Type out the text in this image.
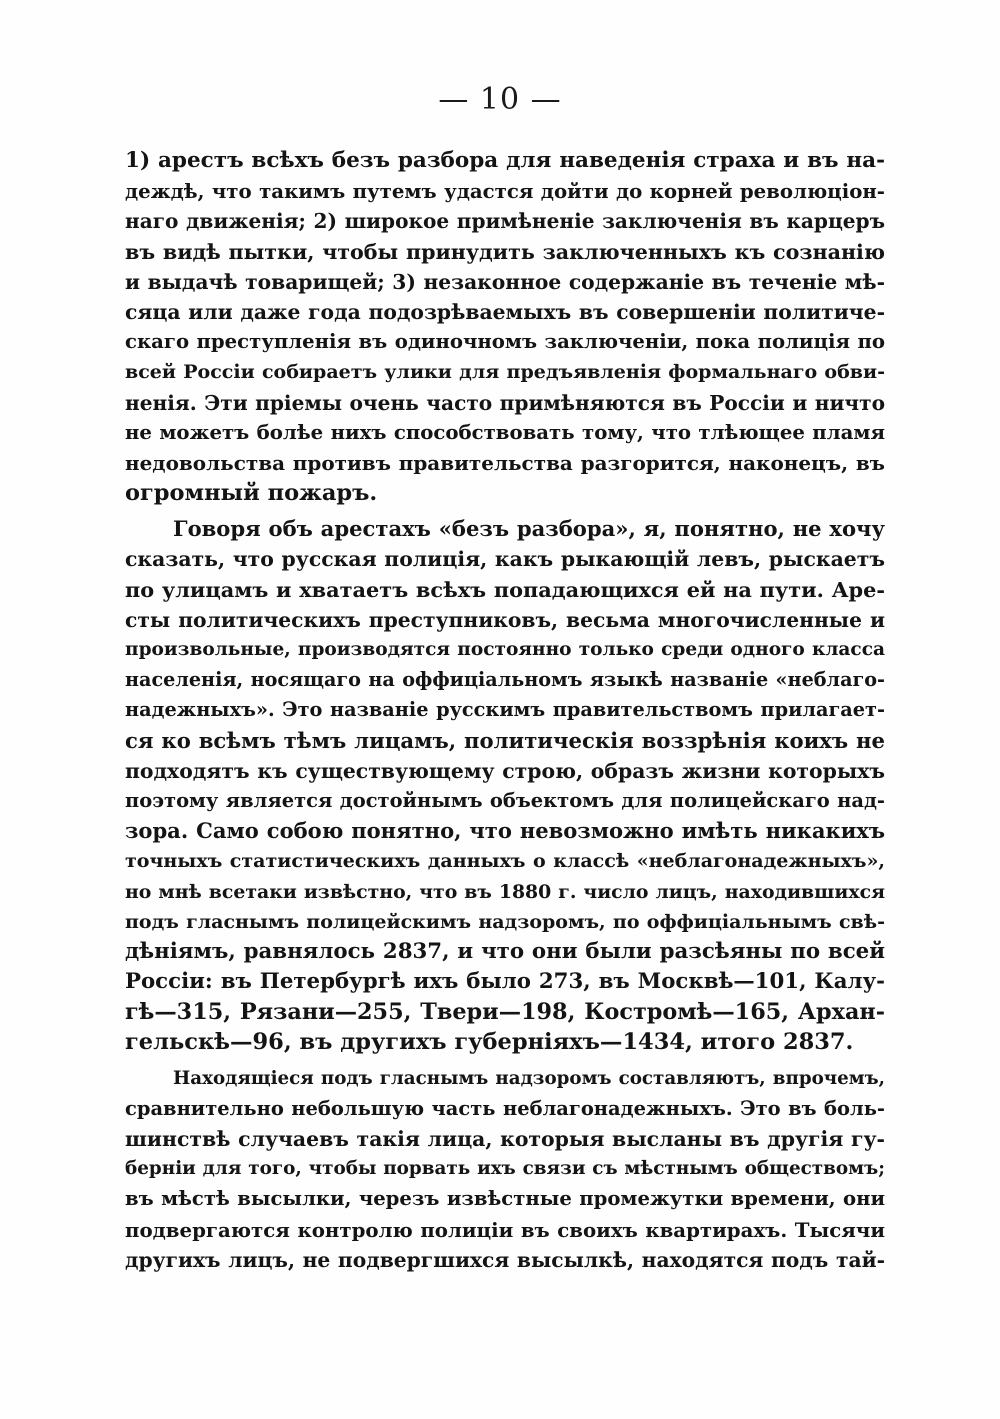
— 10 —
1) арестъ всѣхъ безъ разбора для наведенія страха и въ на-
деждѣ, что такимъ путемъ удастся дойти до корней революціон-
наго движенія; 2) широкое примѣненіе заключенія въ карцеръ
въ видѣ пытки, чтобы принудить заключенныхъ къ сознанію
и выдачѣ товарищей; 3) незаконное содержаніе въ теченіе мѣ-
сяца или даже года подозрѣваемыхъ въ совершеніи политиче-
скаго преступленія въ одиночномъ заключеніи, пока полиція по
всей Россіи собираетъ улики для предъявленія формальнаго обви-
ненія. Эти пріемы очень часто примѣняются въ Россіи и ничто
не можетъ болѣе нихъ способствовать тому, что тлѣющее пламя
недовольства противъ правительства разгорится, наконецъ, въ
огромный пожаръ.
Говоря объ арестахъ «безъ разбора», я, понятно, не хочу
сказать, что русская полиція, какъ рыкающій левъ, рыскаетъ
по улицамъ и хватаетъ всѣхъ попадающихся ей на пути. Аре-
сты политическихъ преступниковъ, весьма многочисленные и
произвольные, производятся постоянно только среди одного класса
населенія, носящаго на оффиціальномъ языкѣ названіе «неблаго-
надежныхъ». Это названіе русскимъ правительствомъ прилагает-
ся ко всѣмъ тѣмъ лицамъ, политическія воззрѣнія коихъ не
подходятъ къ существующему строю, образъ жизни которыхъ
поэтому является достойнымъ объектомъ для полицейскаго над-
зора. Само собою понятно, что невозможно имѣть никакихъ
точныхъ статистическихъ данныхъ о классѣ «неблагонадежныхъ»,
но мнѣ всетаки извѣстно, что въ 1880 г. число лицъ, находившихся
подъ гласнымъ полицейскимъ надзоромъ, по оффиціальнымъ свѣ-
дѣніямъ, равнялось 2837, и что они были разсѣяны по всей
Россіи: въ Петербургѣ ихъ было 273, въ Москвѣ—101, Калу-
гѣ—315, Рязани—255, Твери—198, Костромѣ—165, Архан-
гельскѣ—96, въ другихъ губерніяхъ—1434, итого 2837.
Находящіеся подъ гласнымъ надзоромъ составляютъ, впрочемъ,
сравнительно небольшую часть неблагонадежныхъ. Это въ боль-
шинствѣ случаевъ такія лица, которыя высланы въ другія гу-
берніи для того, чтобы порвать ихъ связи съ мѣстнымъ обществомъ;
въ мѣстѣ высылки, черезъ извѣстные промежутки времени, они
подвергаются контролю полиціи въ своихъ квартирахъ. Тысячи
другихъ лицъ, не подвергшихся высылкѣ, находятся подъ тай-
